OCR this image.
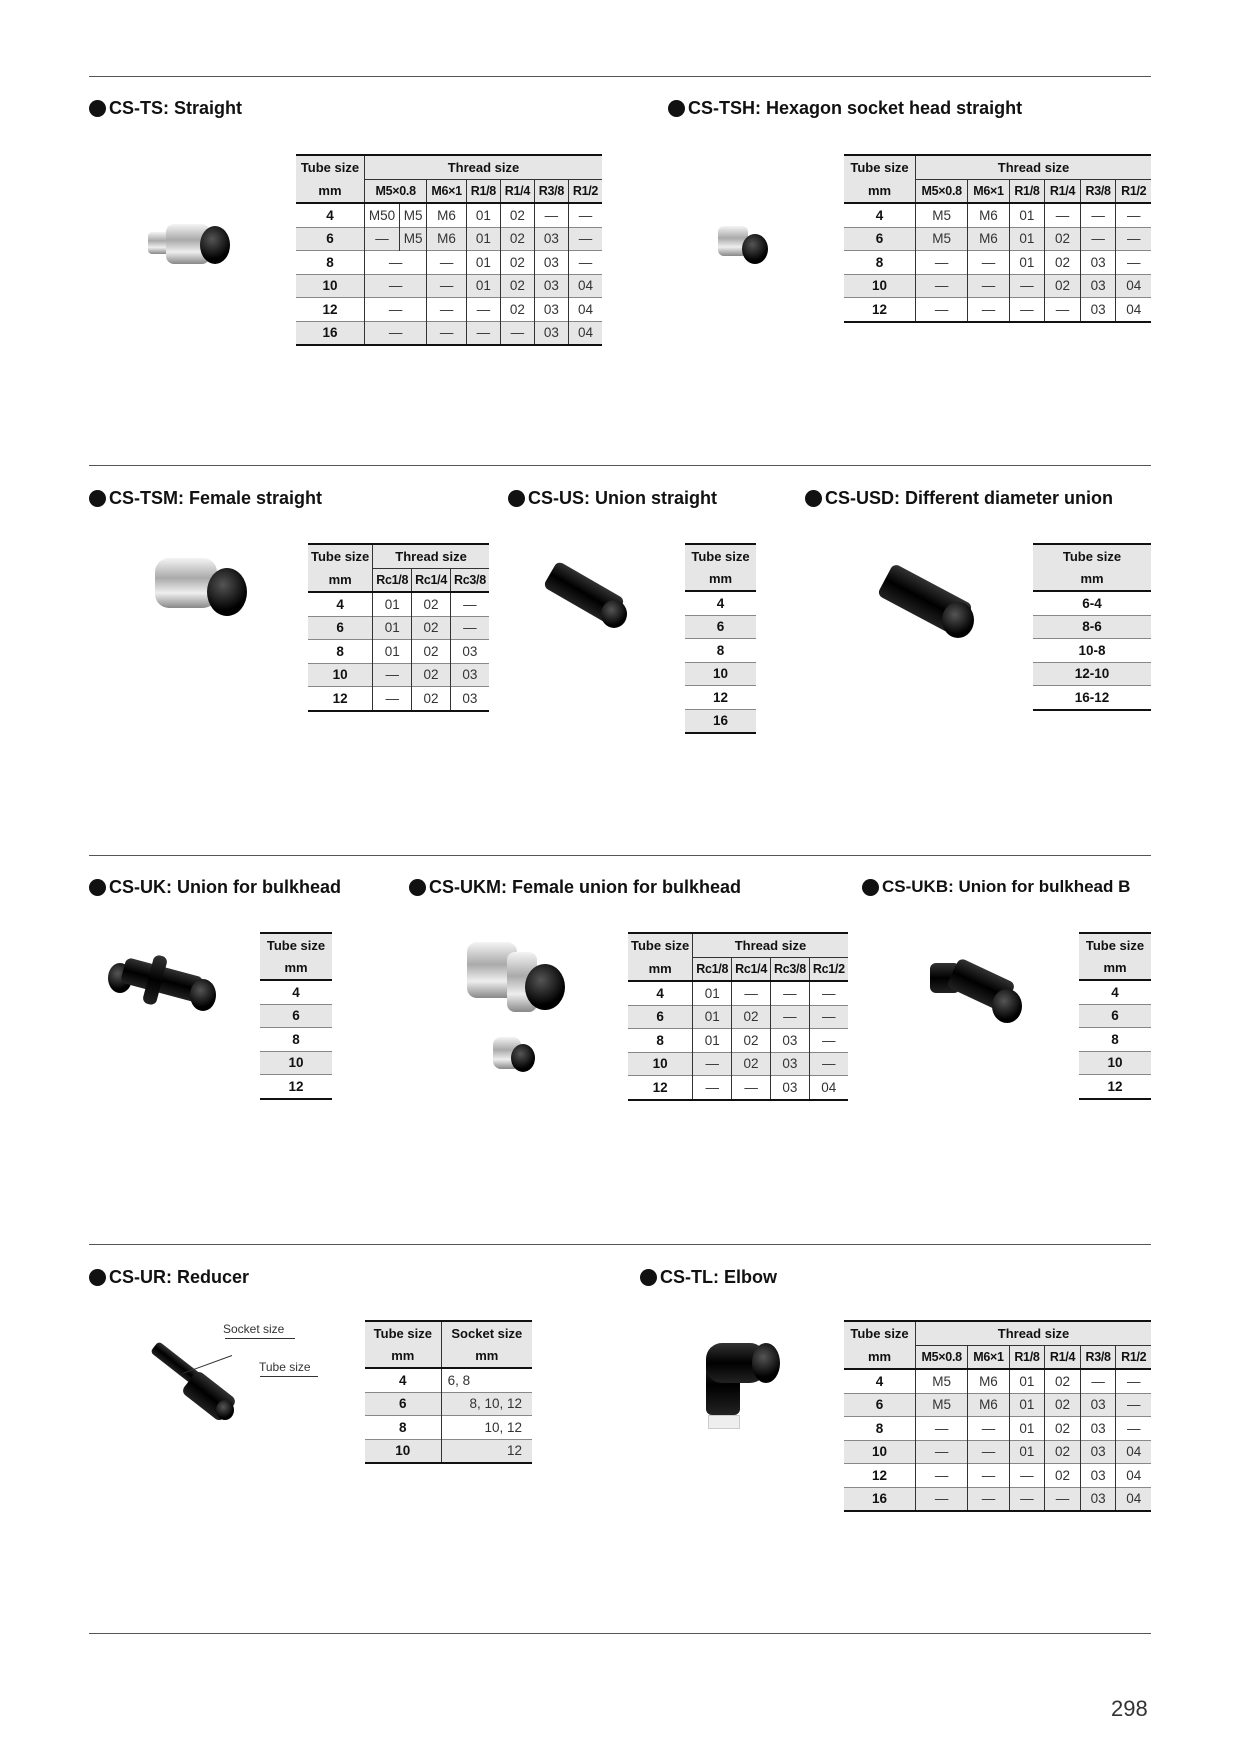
CS-TS : Straight	CS-TSH : Hexagon socket head straight
CS-TSM : Female straight	CS-US : Union straight	CS-USD : Different diameter union
CS-UK : Union for bulkhead	CS-UKM : Female union for bulkhead	CS-UKB : Union for bulkhead B
CS-UR : Reducer	CS-TL : Elbow
Socket size
Tube size
Tube size	Thread size						
mm	M5×0.8		M6×1	R1/8	R1/4	R3/8	R1/2
4	M50	M5	M6	01	02	—	—
6	—	M5	M6	01	02	03	—
8	—		—	01	02	03	—
10	—		—	01	02	03	04
12	—		—	—	02	03	04
16	—		—	—	—	03	04
Tube size	Thread size					
mm	M5×0.8	M6×1	R1/8	R1/4	R3/8	R1/2
4	M5	M6	01	—	—	—
6	M5	M6	01	02	—	—
8	—	—	01	02	03	—
10	—	—	—	02	03	04
12	—	—	—	—	03	04
Tube size	Thread size		
mm	Rc1/8	Rc1/4	Rc3/8
4	01	02	—
6	01	02	—
8	01	02	03
10	—	02	03
12	—	02	03
Tube size
mm
4
6
8
10
12
16
Tube size
mm
6-4
8-6
10-8
12-10
16-12
Tube size
mm
4
6
8
10
12
Tube size	Thread size			
mm	Rc1/8	Rc1/4	Rc3/8	Rc1/2
4	01	—	—	—
6	01	02	—	—
8	01	02	03	—
10	—	02	03	—
12	—	—	03	04
Tube size
mm
4
6
8
10
12
Tube size	Socket size
mm	mm
4	6, 8
6	8, 10, 12
8	10, 12
10	12
Tube size	Thread size					
mm	M5×0.8	M6×1	R1/8	R1/4	R3/8	R1/2
4	M5	M6	01	02	—	—
6	M5	M6	01	02	03	—
8	—	—	01	02	03	—
10	—	—	01	02	03	04
12	—	—	—	02	03	04
16	—	—	—	—	03	04
298
